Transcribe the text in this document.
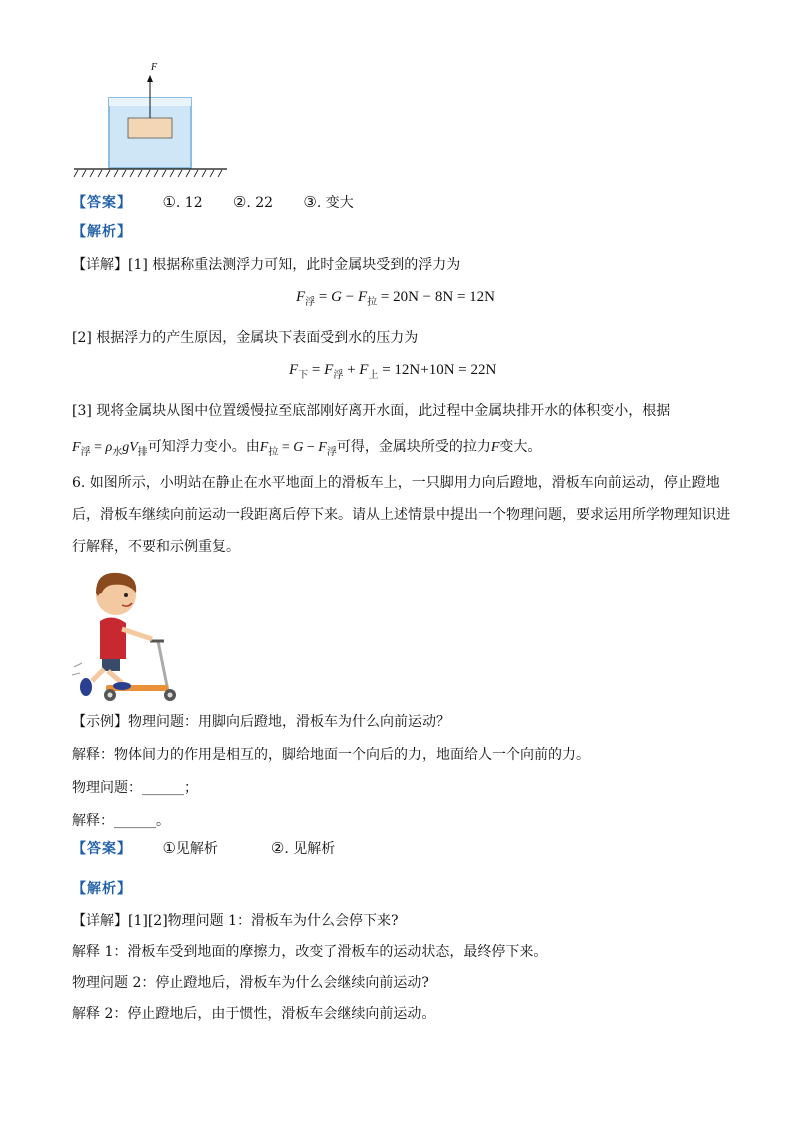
F
【答案】 ①. 12 ②. 22 ③. 变大
【解析】
【详解】[1] 根据称重法测浮力可知，此时金属块受到的浮力为
$F_浮 = G - F_拉 = 20N - 8N = 12N$
[2] 根据浮力的产生原因，金属块下表面受到水的压力为
$F_下 = F_浮 + F_上 = 12N+10N = 22N$
[3] 现将金属块从图中位置缓慢拉至底部刚好离开水面，此过程中金属块排开水的体积变小，根据
$F_浮 = \rho_水gV_排$可知浮力变小。由$F_拉 = G - F_浮$可得，金属块所受的拉力F变大。
6. 如图所示，小明站在静止在水平地面上的滑板车上，一只脚用力向后蹬地，滑板车向前运动，停止蹬地后，滑板车继续向前运动一段距离后停下来。请从上述情景中提出一个物理问题，要求运用所学物理知识进行解释，不要和示例重复。
【示例】物理问题：用脚向后蹬地，滑板车为什么向前运动？
解释：物体间力的作用是相互的，脚给地面一个向后的力，地面给人一个向前的力。
物理问题：______；
解释：______。
【答案】 ①见解析	②. 见解析
【解析】
【详解】[1][2]物理问题 1：滑板车为什么会停下来?
解释 1：滑板车受到地面的摩擦力，改变了滑板车的运动状态，最终停下来。
物理问题 2：停止蹬地后，滑板车为什么会继续向前运动?
解释 2：停止蹬地后，由于惯性，滑板车会继续向前运动。
